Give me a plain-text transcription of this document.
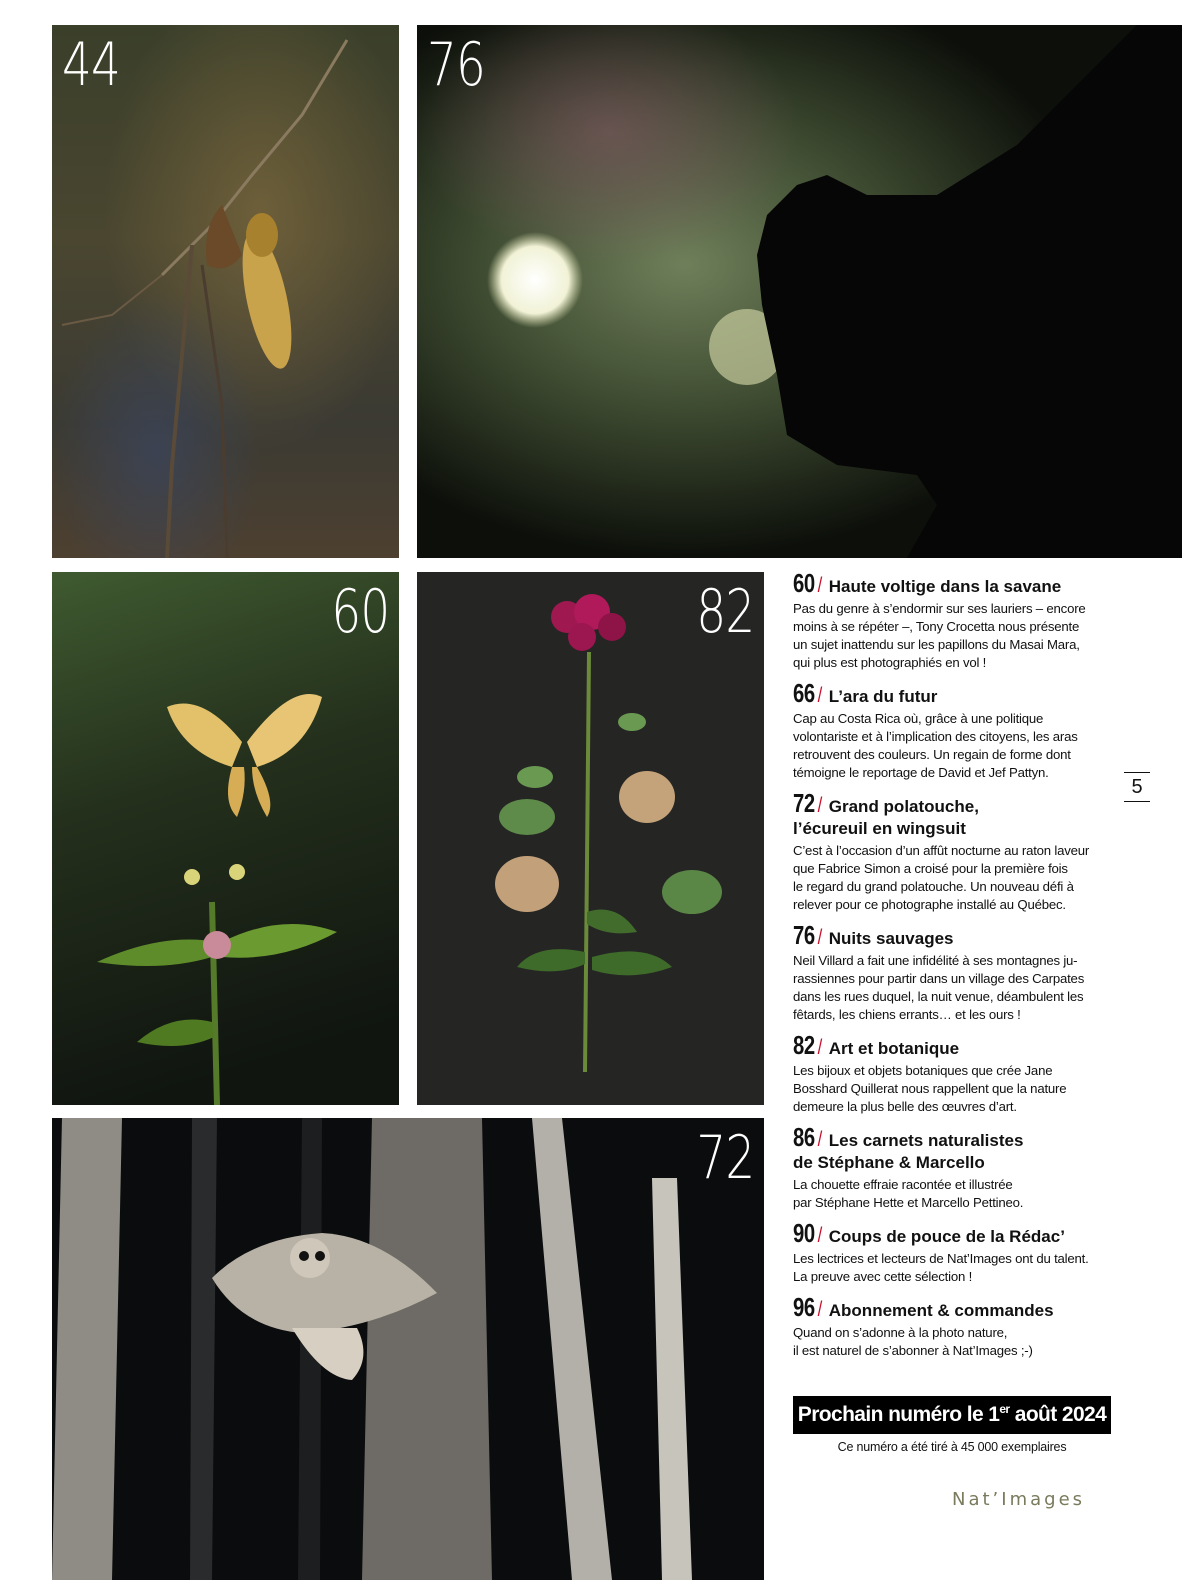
44	76
60	82
72
60 / Haute voltige dans la savane
Pas du genre à s’endormir sur ses lauriers – encore
moins à se répéter –, Tony Crocetta nous présente
un sujet inattendu sur les papillons du Masai Mara,
qui plus est photographiés en vol !
66 / L’ara du futur
Cap au Costa Rica où, grâce à une politique
volontariste et à l’implication des citoyens, les aras
retrouvent des couleurs. Un regain de forme dont
témoigne le reportage de David et Jef Pattyn.
72 / Grand polatouche,
l’écureuil en wingsuit
C’est à l’occasion d’un affût nocturne au raton laveur
que Fabrice Simon a croisé pour la première fois
le regard du grand polatouche. Un nouveau défi à
relever pour ce photographe installé au Québec.
76 / Nuits sauvages
Neil Villard a fait une infidélité à ses montagnes ju-
rassiennes pour partir dans un village des Carpates
dans les rues duquel, la nuit venue, déambulent les
fêtards, les chiens errants… et les ours !
82 / Art et botanique
Les bijoux et objets botaniques que crée Jane
Bosshard Quillerat nous rappellent que la nature
demeure la plus belle des œuvres d’art.
86 / Les carnets naturalistes
de Stéphane & Marcello
La chouette effraie racontée et illustrée
par Stéphane Hette et Marcello Pettineo.
90 / Coups de pouce de la Rédac’
Les lectrices et lecteurs de Nat’Images ont du talent.
La preuve avec cette sélection !
96 / Abonnement & commandes
Quand on s’adonne à la photo nature,
il est naturel de s’abonner à Nat’Images ;-)
5
Prochain numéro le 1er août 2024
Ce numéro a été tiré à 45 000 exemplaires
Nat’Images
